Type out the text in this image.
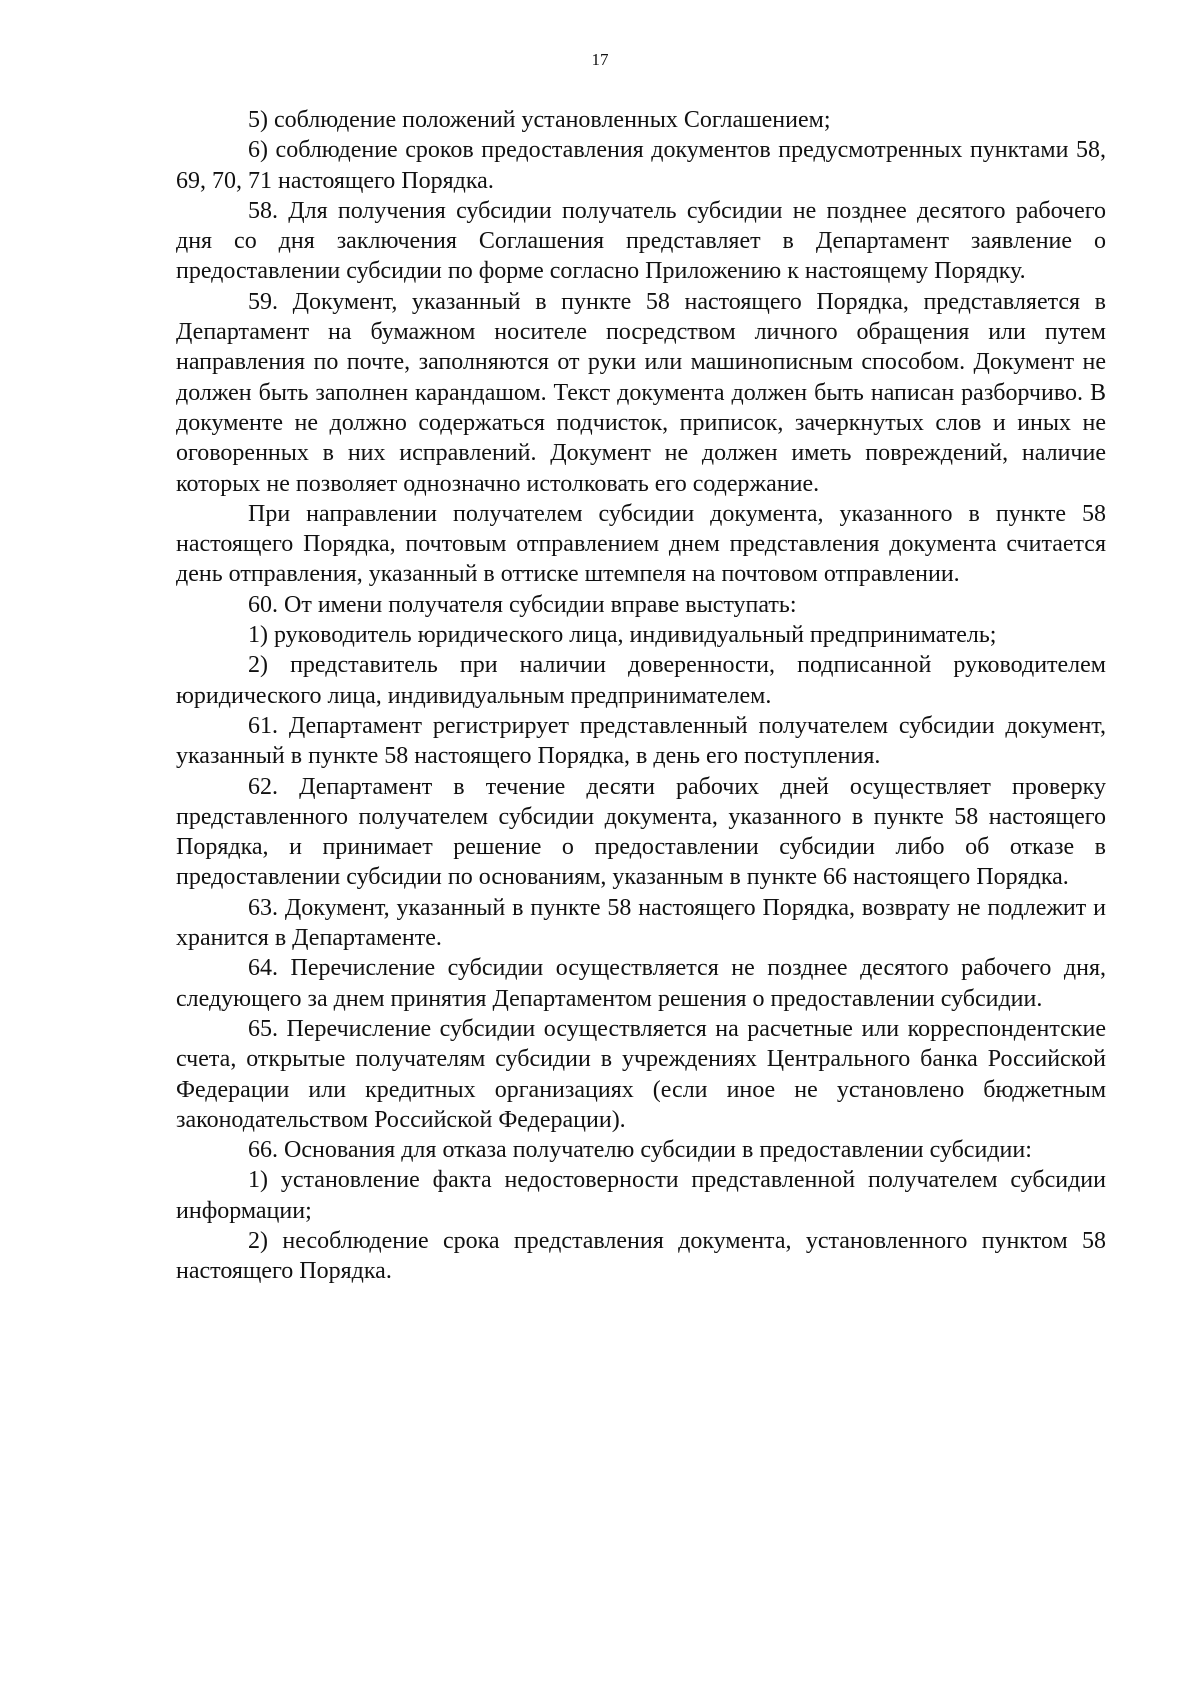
17

5) соблюдение положений установленных Соглашением;

6) соблюдение сроков предоставления документов предусмотренных пунктами 58, 69, 70, 71 настоящего Порядка.

58. Для получения субсидии получатель субсидии не позднее десятого рабочего дня со дня заключения Соглашения представляет в Департамент заявление о предоставлении субсидии по форме согласно Приложению к настоящему Порядку.

59. Документ, указанный в пункте 58 настоящего Порядка, представляется в Департамент на бумажном носителе посредством личного обращения или путем направления по почте, заполняются от руки или машинописным способом. Документ не должен быть заполнен карандашом. Текст документа должен быть написан разборчиво. В документе не должно содержаться подчисток, приписок, зачеркнутых слов и иных не оговоренных в них исправлений. Документ не должен иметь повреждений, наличие которых не позволяет однозначно истолковать его содержание.

При направлении получателем субсидии документа, указанного в пункте 58 настоящего Порядка, почтовым отправлением днем представления документа считается день отправления, указанный в оттиске штемпеля на почтовом отправлении.

60. От имени получателя субсидии вправе выступать:

1) руководитель юридического лица, индивидуальный предприниматель;

2) представитель при наличии доверенности, подписанной руководителем юридического лица, индивидуальным предпринимателем.

61. Департамент регистрирует представленный получателем субсидии документ, указанный в пункте 58 настоящего Порядка, в день его поступления.

62. Департамент в течение десяти рабочих дней осуществляет проверку представленного получателем субсидии документа, указанного в пункте 58 настоящего Порядка, и принимает решение о предоставлении субсидии либо об отказе в предоставлении субсидии по основаниям, указанным в пункте 66 настоящего Порядка.

63. Документ, указанный в пункте 58 настоящего Порядка, возврату не подлежит и хранится в Департаменте.

64. Перечисление субсидии осуществляется не позднее десятого рабочего дня, следующего за днем принятия Департаментом решения о предоставлении субсидии.

65. Перечисление субсидии осуществляется на расчетные или корреспондентские счета, открытые получателям субсидии в учреждениях Центрального банка Российской Федерации или кредитных организациях (если иное не установлено бюджетным законодательством Российской Федерации).

66. Основания для отказа получателю субсидии в предоставлении субсидии:

1) установление факта недостоверности представленной получателем субсидии информации;

2) несоблюдение срока представления документа, установленного пунктом 58 настоящего Порядка.
